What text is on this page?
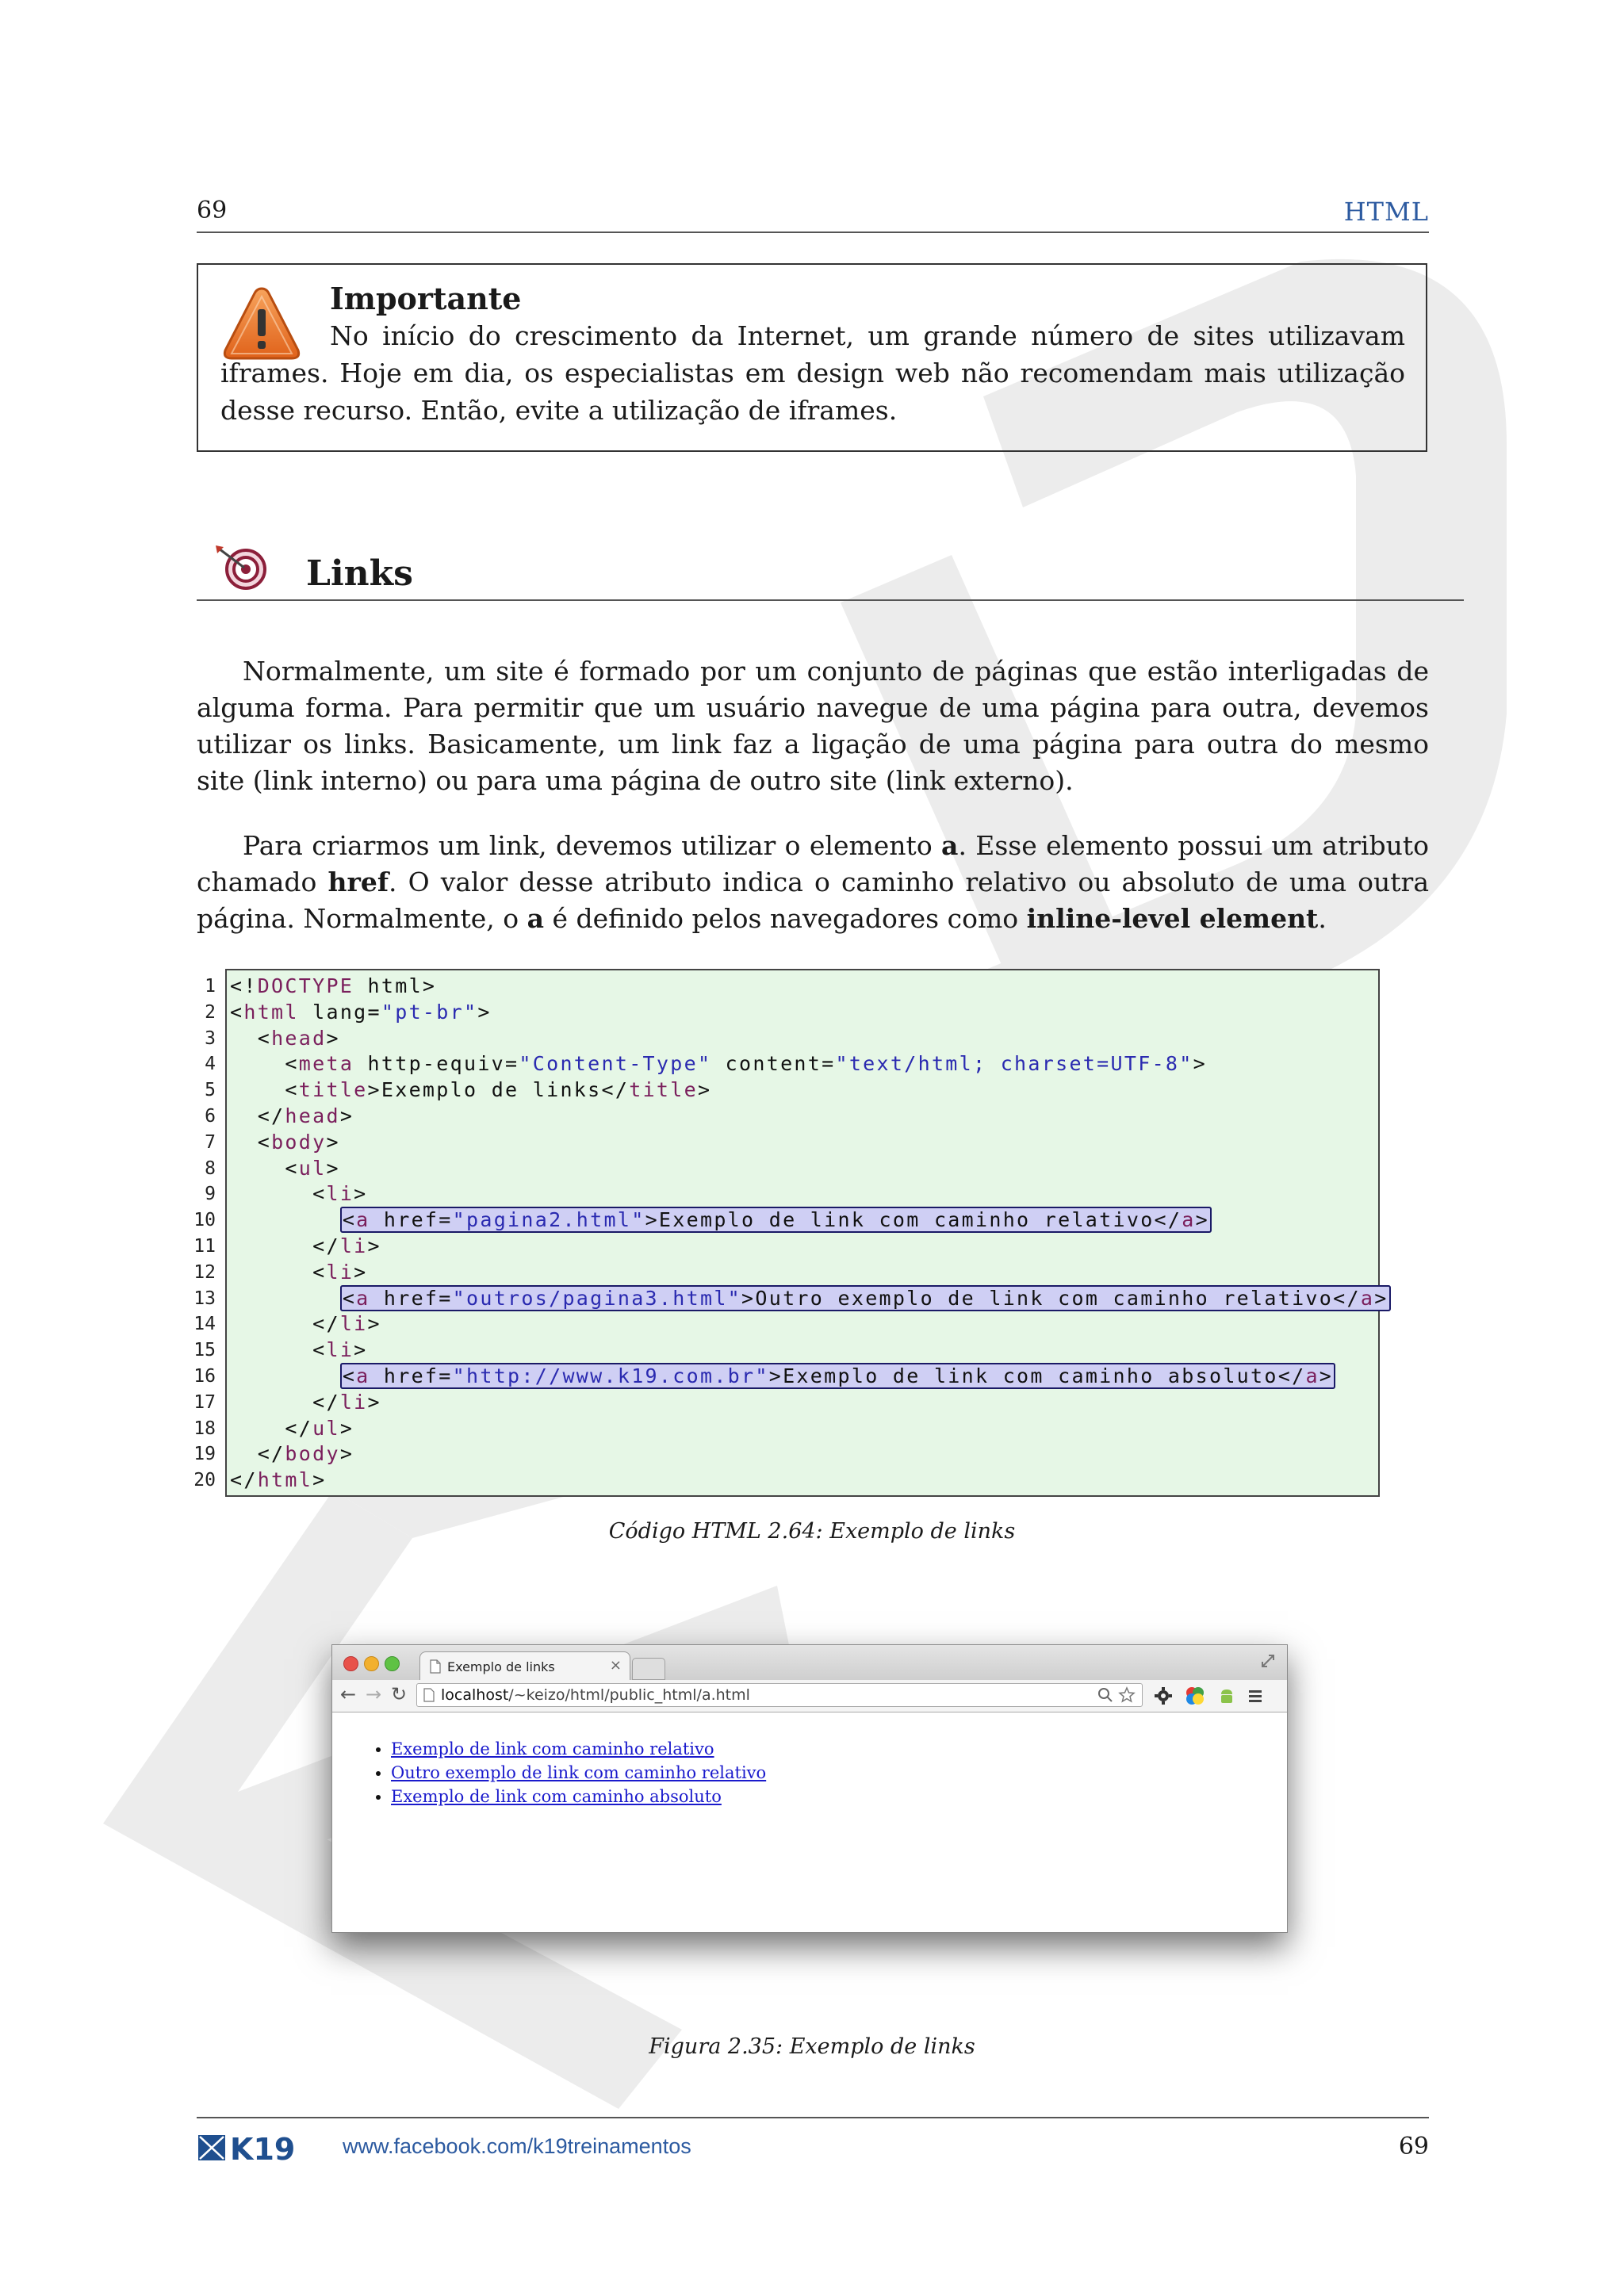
69	HTML
Importante
No início do crescimento da Internet, um grande número de sites utilizavam iframes. Hoje em dia, os especialistas em design web não recomendam mais utilização desse recurso. Então, evite a utilização de iframes.
Links
Normalmente, um site é formado por um conjunto de páginas que estão interligadas de alguma forma. Para permitir que um usuário navegue de uma página para outra, devemos utilizar os links. Basicamente, um link faz a ligação de uma página para outra do mesmo site (link interno) ou para uma página de outro site (link externo).
Para criarmos um link, devemos utilizar o elemento a. Esse elemento possui um atributo chamado href. O valor desse atributo indica o caminho relativo ou absoluto de uma outra página. Normalmente, o a é definido pelos navegadores como inline-level element.
1
2
3
4
5
6
7
8
9
10
11
12
13
14
15
16
17
18
19
20
<!DOCTYPE html>
<html lang="pt-br">
<head>
<meta http-equiv="Content-Type" content="text/html; charset=UTF-8">
<title>Exemplo de links</title>
</head>
<body>
<ul>
<li>
<a href="pagina2.html">Exemplo de link com caminho relativo</a>
</li>
<li>
<a href="outros/pagina3.html">Outro exemplo de link com caminho relativo</a>
</li>
<li>
<a href="http://www.k19.com.br">Exemplo de link com caminho absoluto</a>
</li>
</ul>
</body>
</html>
Código HTML 2.64: Exemplo de links
Exemplo de links	×
← → ↻	localhost/~keizo/html/public_html/a.html
• Exemplo de link com caminho relativo
• Outro exemplo de link com caminho relativo
• Exemplo de link com caminho absoluto
Figura 2.35: Exemplo de links
K19 www.facebook.com/k19treinamentos	69
